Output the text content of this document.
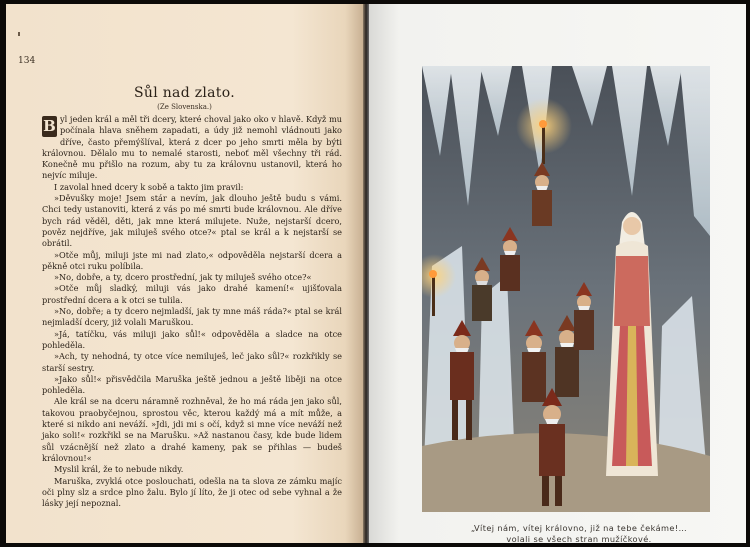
134
Sůl nad zlato.
(Ze Slovenska.)

B yl jeden král a měl tři dcery, které choval jako oko v hlavě. Když mu počínala hlava sněhem zapadati, a údy již nemohl vládnouti jako dříve, často přemýšlíval, která z dcer po jeho smrti měla by býti královnou. Dělalo mu to nemalé starosti, neboť měl všechny tři rád. Konečně mu přišlo na rozum, aby tu za královnu ustanovil, která ho nejvíc miluje.

I zavolal hned dcery k sobě a takto jim pravil:

»Děvušky moje! Jsem stár a nevím, jak dlouho ještě budu s vámi. Chci tedy ustanoviti, která z vás po mé smrti bude královnou. Ale dříve bych rád věděl, děti, jak mne která milujete. Nuže, nejstarší dcero, pověz nejdříve, jak miluješ svého otce?« ptal se král a k nejstarší se obrátil.

»Otče můj, miluji jste mi nad zlato,« odpověděla nejstarší dcera a pěkně otci ruku políbila.

»No, dobře, a ty, dcero prostřední, jak ty miluješ svého otce?«

»Otče můj sladký, miluji vás jako drahé kamení!« ujišťovala prostřední dcera a k otci se tulila.

»No, dobře; a ty dcero nejmladší, jak ty mne máš ráda?« ptal se král nejmladší dcery, již volali Maruškou.

»Já, tatíčku, vás miluji jako sůl!« odpověděla a sladce na otce pohleděla.

»Ach, ty nehodná, ty otce více nemiluješ, leč jako sůl?« rozkřikly se starší sestry.

»Jako sůl!« přisvědčila Maruška ještě jednou a ještě liběji na otce pohleděla.

Ale král se na dceru náramně rozhněval, že ho má ráda jen jako sůl, takovou praobyčejnou, sprostou věc, kterou každý má a mít může, a které si nikdo ani neváží. »Jdi, jdi mi s očí, když si mne více neváží než jako soli!« rozkřikl se na Marušku. »Až nastanou časy, kde bude lidem sůl vzácnější než zlato a drahé kameny, pak se přihlas — budeš královnou!«

Myslil král, že to nebude nikdy.

Maruška, zvyklá otce poslouchati, odešla na ta slova ze zámku majíc oči plny slz a srdce plno žalu. Bylo jí líto, že ji otec od sebe vyhnal a že lásky její nepoznal.

„Vítej nám, vítej královno, již na tebe čekáme!…
volali se všech stran mužíčkové.
